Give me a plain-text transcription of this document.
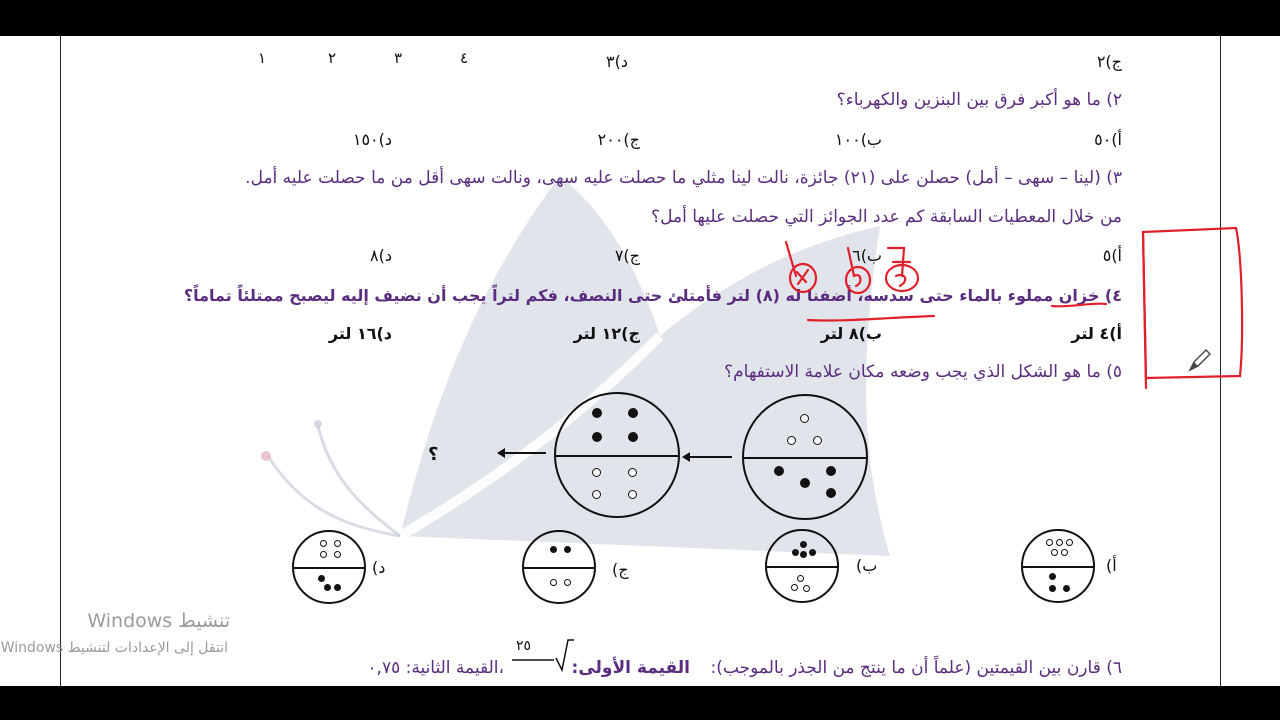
ج)٢
د)٣
١	٢	٣	٤
٢) ما هو أكبر فرق بين البنزين والكهرباء؟
أ)٥٠
ب)١٠٠
ج)٢٠٠
د)١٥٠
٣) (لينا – سهى – أمل) حصلن على (٢١) جائزة، نالت لينا مثلي ما حصلت عليه سهى، ونالت سهى أقل من ما حصلت عليه أمل.
من خلال المعطيات السابقة كم عدد الجوائز التي حصلت عليها أمل؟
أ)٥
ب)٦
ج)٧
د)٨
٤) خزان مملوء بالماء حتى سدسه، أضفنا له (٨) لتر فأمتلئ حتى النصف، فكم لتراً يجب أن نضيف إليه ليصبح ممتلئاً تماماً؟
أ)٤ لتر
ب)٨ لتر
ج)١٢ لتر
د)١٦ لتر
٥) ما هو الشكل الذي يجب وضعه مكان علامة الاستفهام؟
؟
أ)
ب)
ج)
د)
٦) قارن بين القيمتين (علماً أن ما ينتج من الجذر بالموجب):
القيمة الأولى:
٢٥
،القيمة الثانية: ٠,٧٥
تنشيط Windows
انتقل إلى الإعدادات لتنشيط Windows
